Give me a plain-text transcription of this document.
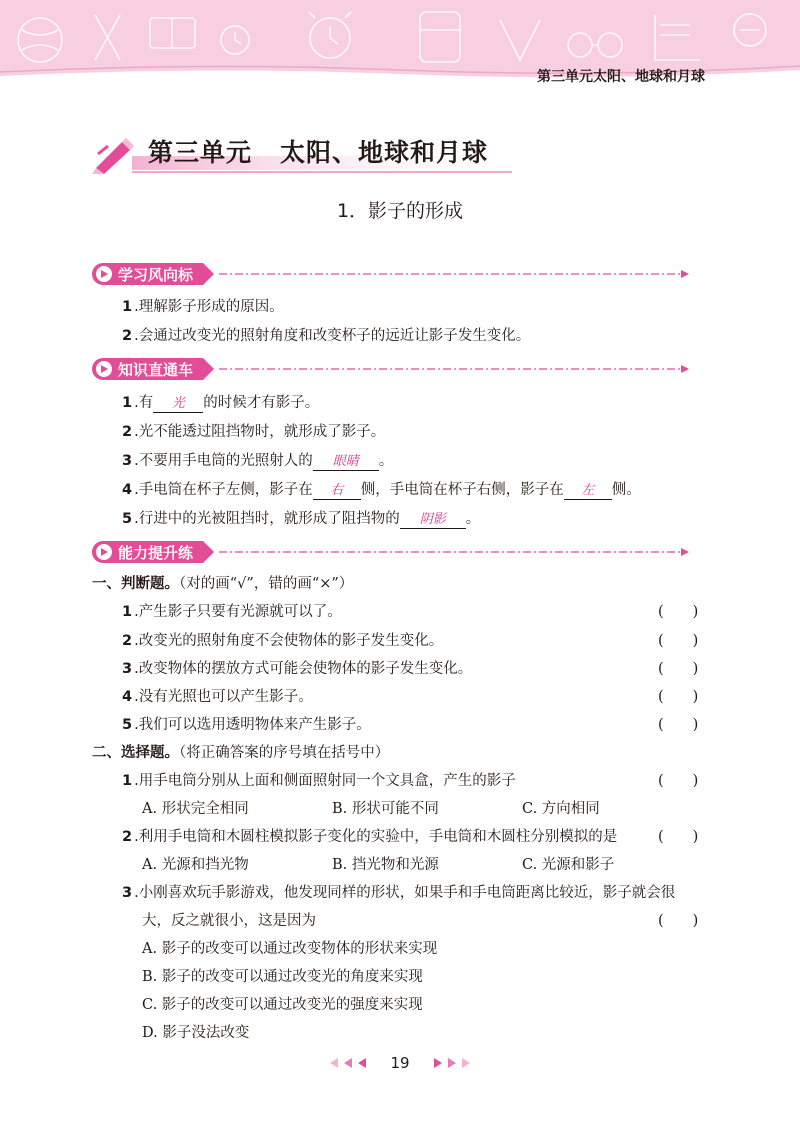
第三单元太阳、地球和月球
第三单元 太阳、地球和月球
1．影子的形成
学习风向标
1 .理解影子形成的原因。
2 .会通过改变光的照射角度和改变杯子的远近让影子发生变化。
知识直通车
1 .有 光 的时候才有影子。
2 .光不能透过阻挡物时，就形成了影子。
3 .不要用手电筒的光照射人的 眼睛 。
4 .手电筒在杯子左侧，影子在 右 侧，手电筒在杯子右侧，影子在 左 侧。
5 .行进中的光被阻挡时，就形成了阻挡物的 阴影 。
能力提升练
一、判断题。（对的画“√”，错的画“×”）
1 .产生影子只要有光源就可以了。	(　　)
2 .改变光的照射角度不会使物体的影子发生变化。	(　　)
3 .改变物体的摆放方式可能会使物体的影子发生变化。	(　　)
4 .没有光照也可以产生影子。	(　　)
5 .我们可以选用透明物体来产生影子。	(　　)
二、选择题。（将正确答案的序号填在括号中）
1 .用手电筒分别从上面和侧面照射同一个文具盒，产生的影子	(　　)
A. 形状完全相同	B. 形状可能不同	C. 方向相同
2 .利用手电筒和木圆柱模拟影子变化的实验中，手电筒和木圆柱分别模拟的是	(　　)
A. 光源和挡光物	B. 挡光物和光源	C. 光源和影子
3 .小刚喜欢玩手影游戏，他发现同样的形状，如果手和手电筒距离比较近，影子就会很
大，反之就很小，这是因为	(　　)
A. 影子的改变可以通过改变物体的形状来实现
B. 影子的改变可以通过改变光的角度来实现
C. 影子的改变可以通过改变光的强度来实现
D. 影子没法改变
19
